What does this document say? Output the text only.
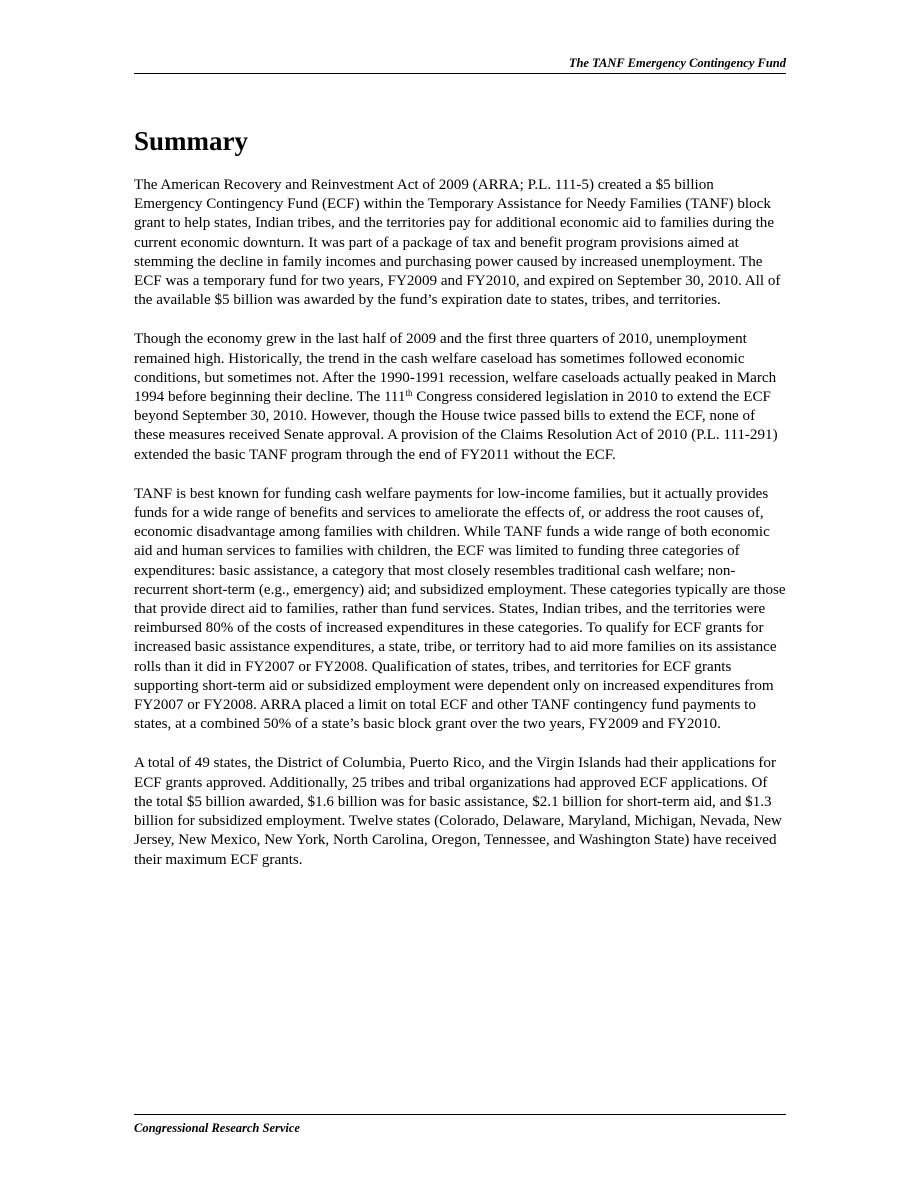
The TANF Emergency Contingency Fund
Summary

The American Recovery and Reinvestment Act of 2009 (ARRA; P.L. 111-5) created a $5 billion Emergency Contingency Fund (ECF) within the Temporary Assistance for Needy Families (TANF) block grant to help states, Indian tribes, and the territories pay for additional economic aid to families during the current economic downturn. It was part of a package of tax and benefit program provisions aimed at stemming the decline in family incomes and purchasing power caused by increased unemployment. The ECF was a temporary fund for two years, FY2009 and FY2010, and expired on September 30, 2010. All of the available $5 billion was awarded by the fund’s expiration date to states, tribes, and territories.

Though the economy grew in the last half of 2009 and the first three quarters of 2010, unemployment remained high. Historically, the trend in the cash welfare caseload has sometimes followed economic conditions, but sometimes not. After the 1990-1991 recession, welfare caseloads actually peaked in March 1994 before beginning their decline. The 111th Congress considered legislation in 2010 to extend the ECF beyond September 30, 2010. However, though the House twice passed bills to extend the ECF, none of these measures received Senate approval. A provision of the Claims Resolution Act of 2010 (P.L. 111-291) extended the basic TANF program through the end of FY2011 without the ECF.

TANF is best known for funding cash welfare payments for low-income families, but it actually provides funds for a wide range of benefits and services to ameliorate the effects of, or address the root causes of, economic disadvantage among families with children. While TANF funds a wide range of both economic aid and human services to families with children, the ECF was limited to funding three categories of expenditures: basic assistance, a category that most closely resembles traditional cash welfare; non-recurrent short-term (e.g., emergency) aid; and subsidized employment. These categories typically are those that provide direct aid to families, rather than fund services. States, Indian tribes, and the territories were reimbursed 80% of the costs of increased expenditures in these categories. To qualify for ECF grants for increased basic assistance expenditures, a state, tribe, or territory had to aid more families on its assistance rolls than it did in FY2007 or FY2008. Qualification of states, tribes, and territories for ECF grants supporting short-term aid or subsidized employment were dependent only on increased expenditures from FY2007 or FY2008. ARRA placed a limit on total ECF and other TANF contingency fund payments to states, at a combined 50% of a state’s basic block grant over the two years, FY2009 and FY2010.

A total of 49 states, the District of Columbia, Puerto Rico, and the Virgin Islands had their applications for ECF grants approved. Additionally, 25 tribes and tribal organizations had approved ECF applications. Of the total $5 billion awarded, $1.6 billion was for basic assistance, $2.1 billion for short-term aid, and $1.3 billion for subsidized employment. Twelve states (Colorado, Delaware, Maryland, Michigan, Nevada, New Jersey, New Mexico, New York, North Carolina, Oregon, Tennessee, and Washington State) have received their maximum ECF grants.

Congressional Research Service
